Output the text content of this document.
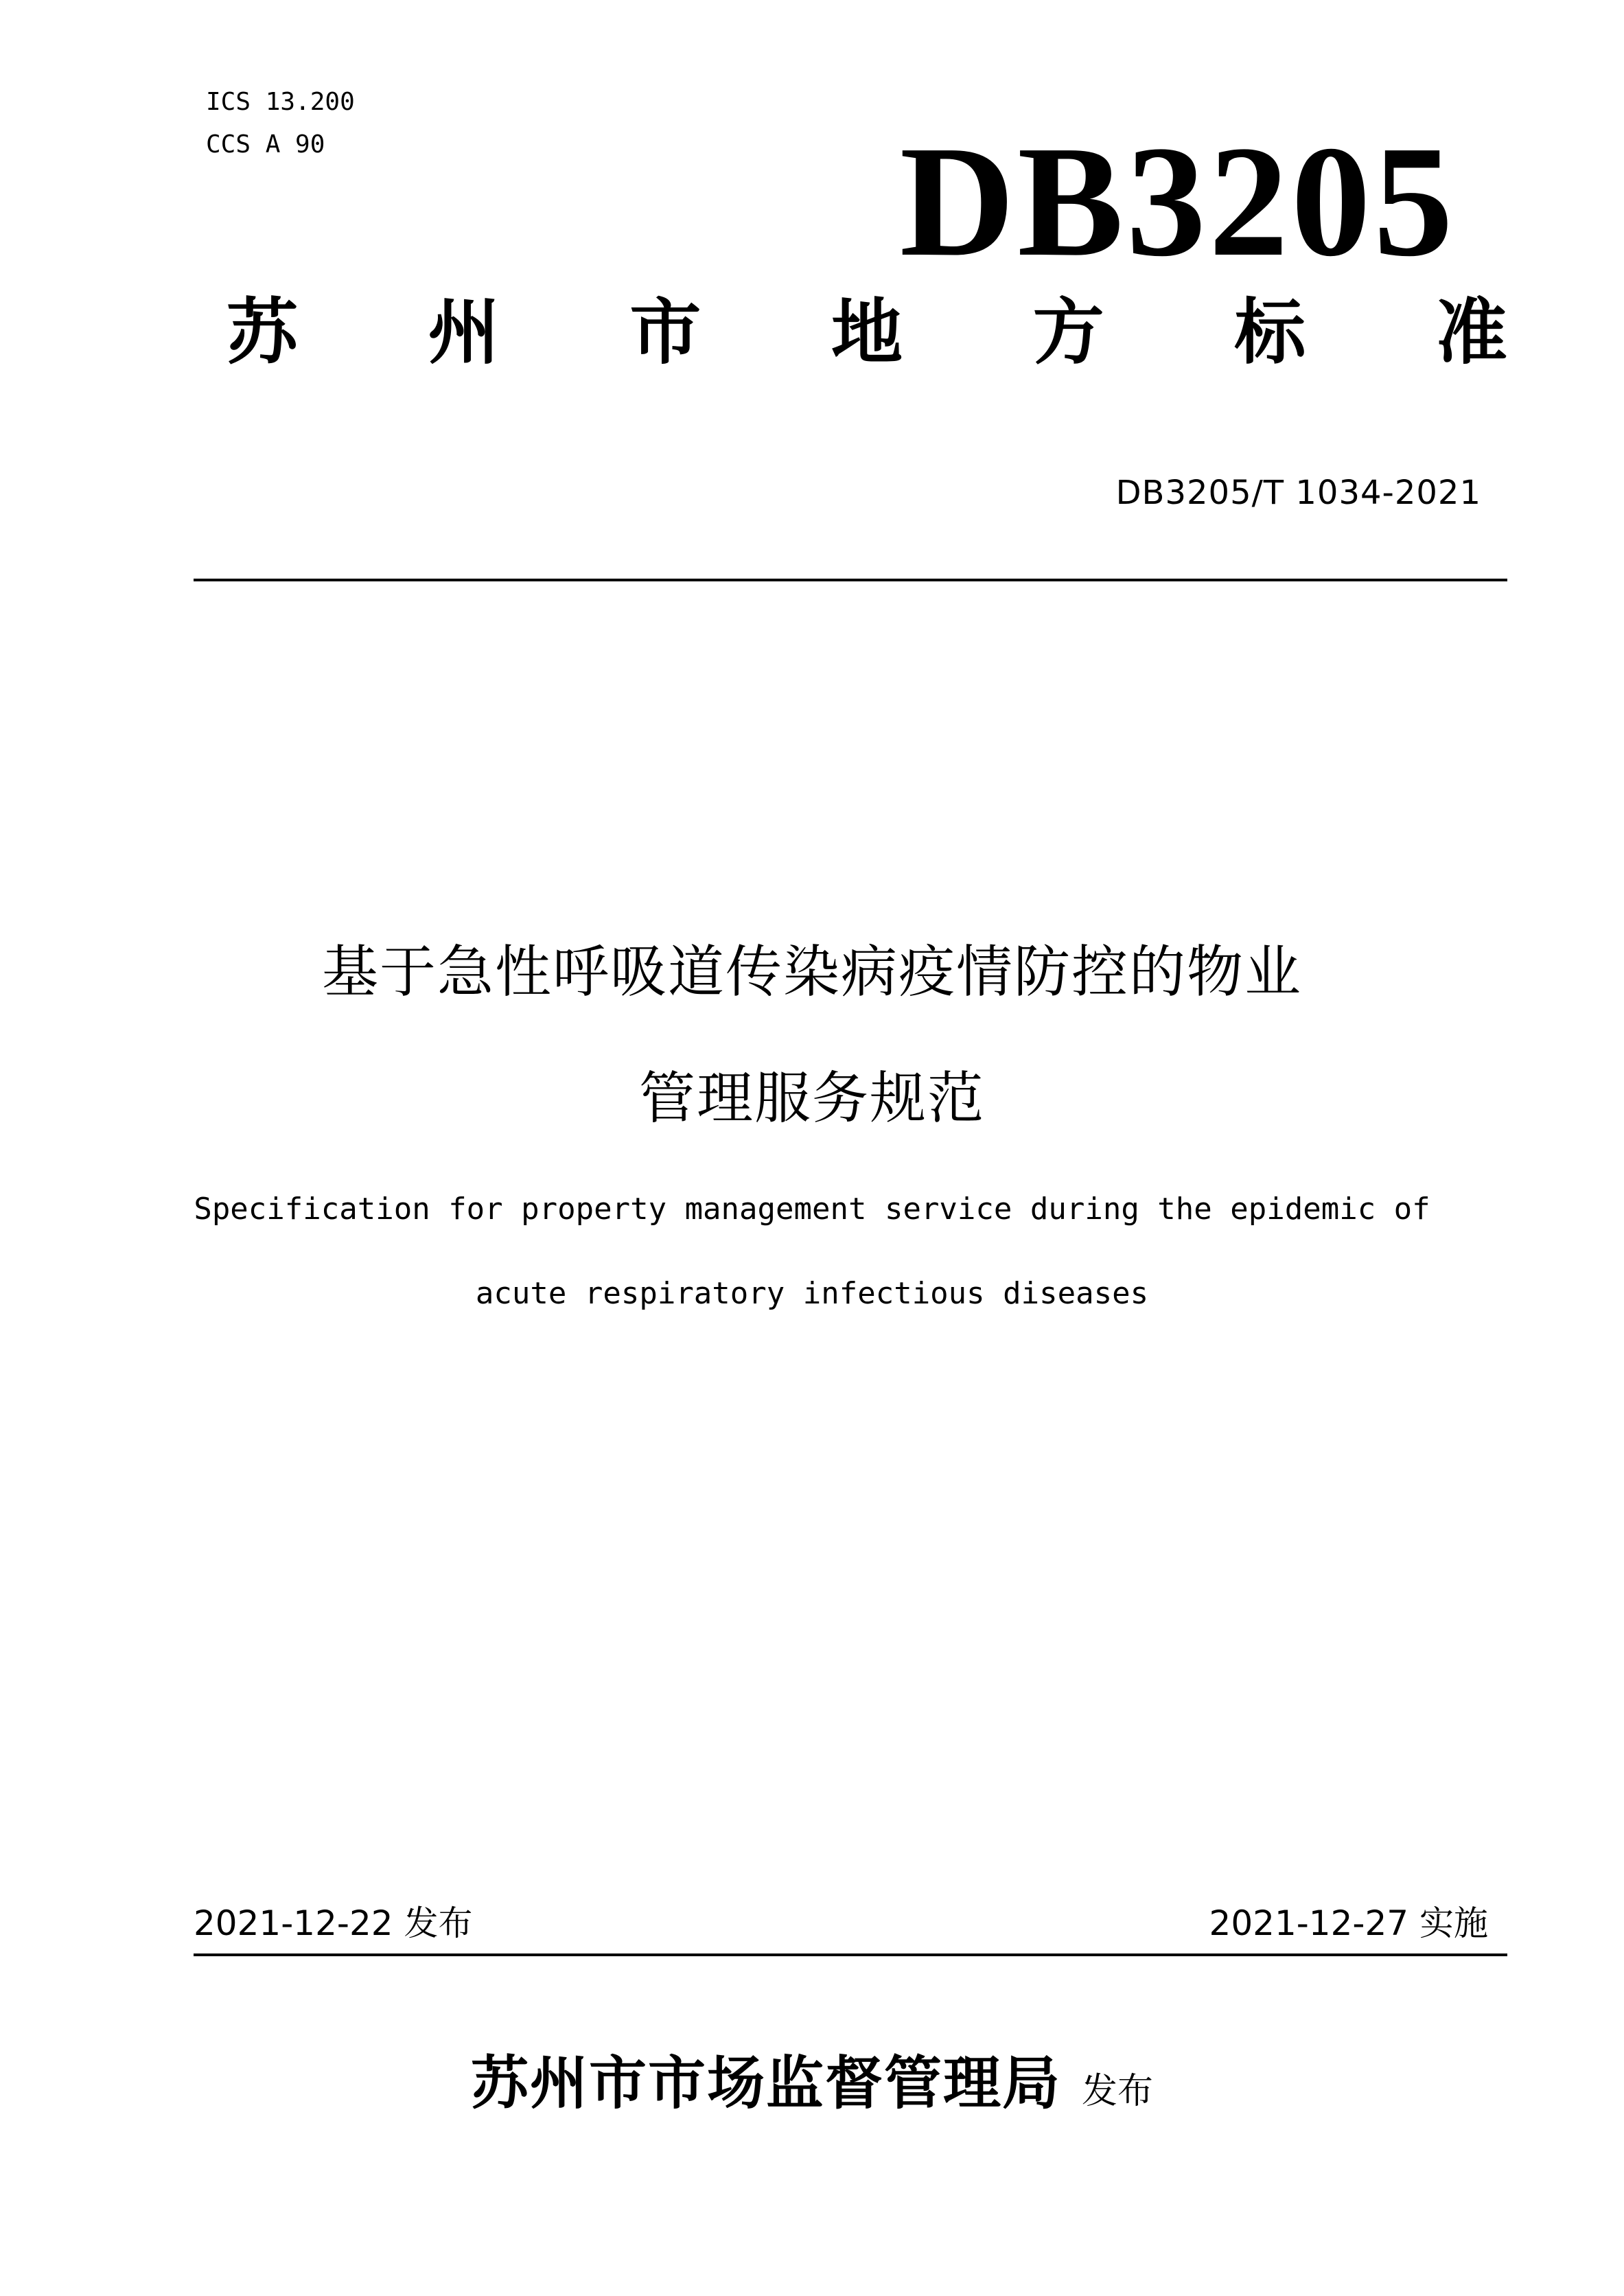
ICS 13.200
CCS A 90	DB3205
苏 州 市 地 方 标 准
DB3205/T 1034-2021
基于急性呼吸道传染病疫情防控的物业
管理服务规范
Specification for property management service during the epidemic of
acute respiratory infectious diseases
2021-12-22 发布	2021-12-27 实施
苏州市市场监督管理局 发布
